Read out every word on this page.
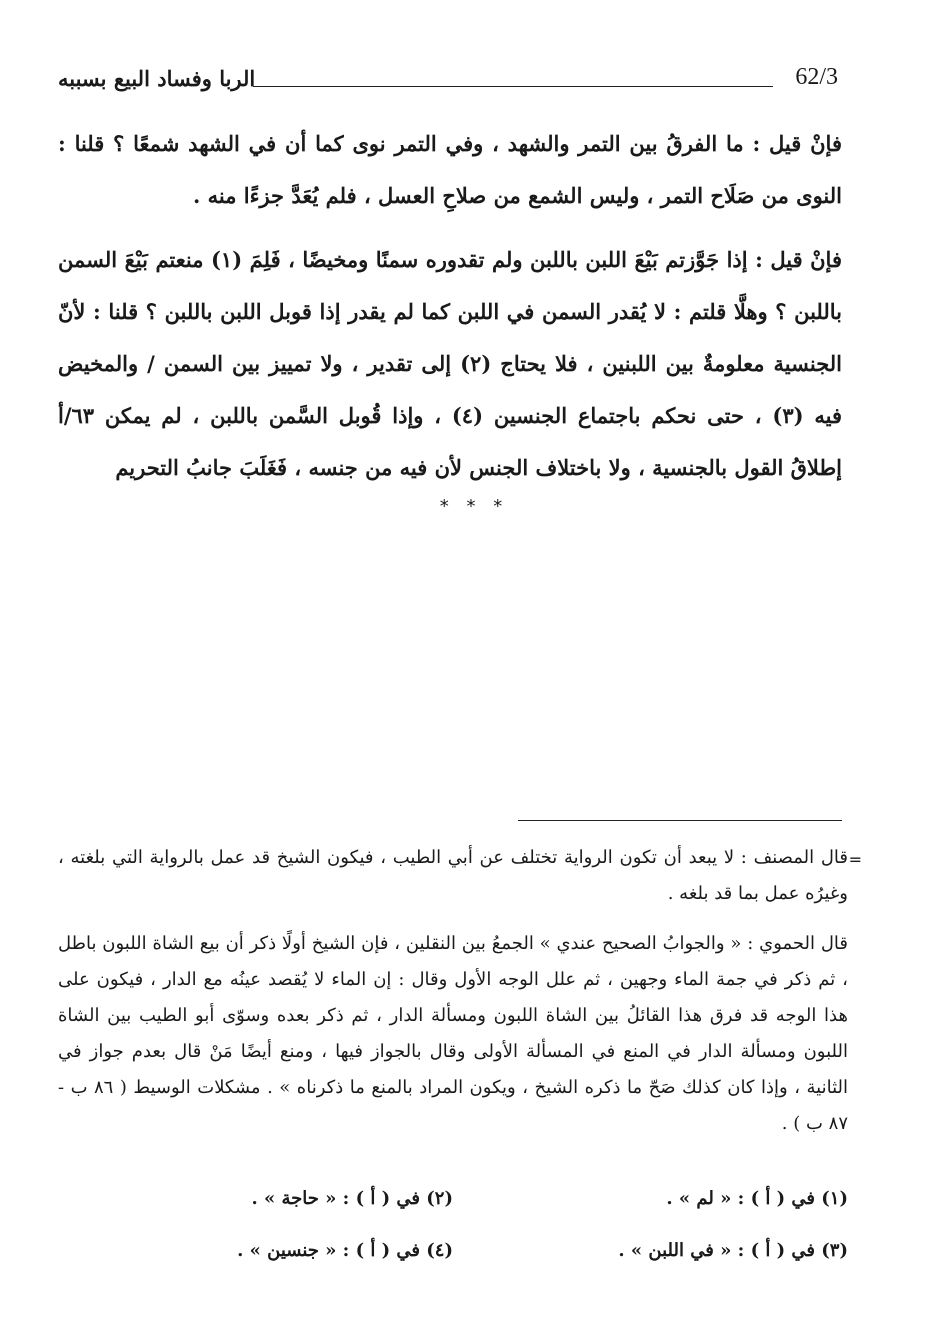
62/3
الربا وفساد البيع بسببه

فإنْ قيل : ما الفرقُ بين التمر والشهد ، وفي التمر نوى كما أن في الشهد شمعًا ؟ قلنا : النوى من صَلَاح التمر ، وليس الشمع من صلاحِ العسل ، فلم يُعَدَّ جزءًا منه .

فإنْ قيل : إذا جَوَّزتم بَيْعَ اللبن باللبن ولم تقدوره سمنًا ومخيضًا ، فَلِمَ (١) منعتم بَيْعَ السمن باللبن ؟ وهلَّا قلتم : لا يُقدر السمن في اللبن كما لم يقدر إذا قوبل اللبن باللبن ؟ قلنا : لأنّ الجنسية معلومةٌ بين اللبنين ، فلا يحتاج (٢) إلى تقدير ، ولا تمييز بين السمن / والمخيض فيه (٣) ، حتى نحكم باجتماع الجنسين (٤) ، وإذا قُوبل السَّمن باللبن ، لم يمكن ٦٣/أ إطلاقُ القول بالجنسية ، ولا باختلاف الجنس لأن فيه من جنسه ، فَغَلَبَ جانبُ التحريم

* * *
=

قال المصنف : لا يبعد أن تكون الرواية تختلف عن أبي الطيب ، فيكون الشيخ قد عمل بالرواية التي بلغته ، وغيرُه عمل بما قد بلغه .

قال الحموي : « والجوابُ الصحيح عندي » الجمعُ بين النقلين ، فإن الشيخ أولًا ذكر أن بيع الشاة اللبون باطل ، ثم ذكر في جمة الماء وجهين ، ثم علل الوجه الأول وقال : إن الماء لا يُقصد عينُه مع الدار ، فيكون على هذا الوجه قد فرق هذا القائلُ بين الشاة اللبون ومسألة الدار ، ثم ذكر بعده وسوّى أبو الطيب بين الشاة اللبون ومسألة الدار في المنع في المسألة الأولى وقال بالجواز فيها ، ومنع أيضًا مَنْ قال بعدم جواز في الثانية ، وإذا كان كذلك صَحّ ما ذكره الشيخ ، ويكون المراد بالمنع ما ذكرناه » . مشكلات الوسيط ( ٨٦ ب - ٨٧ ب ) .

(١) في ( أ ) : « لم » .
(٢) في ( أ ) : « حاجة » .
(٣) في ( أ ) : « في اللبن » .
(٤) في ( أ ) : « جنسين » .
